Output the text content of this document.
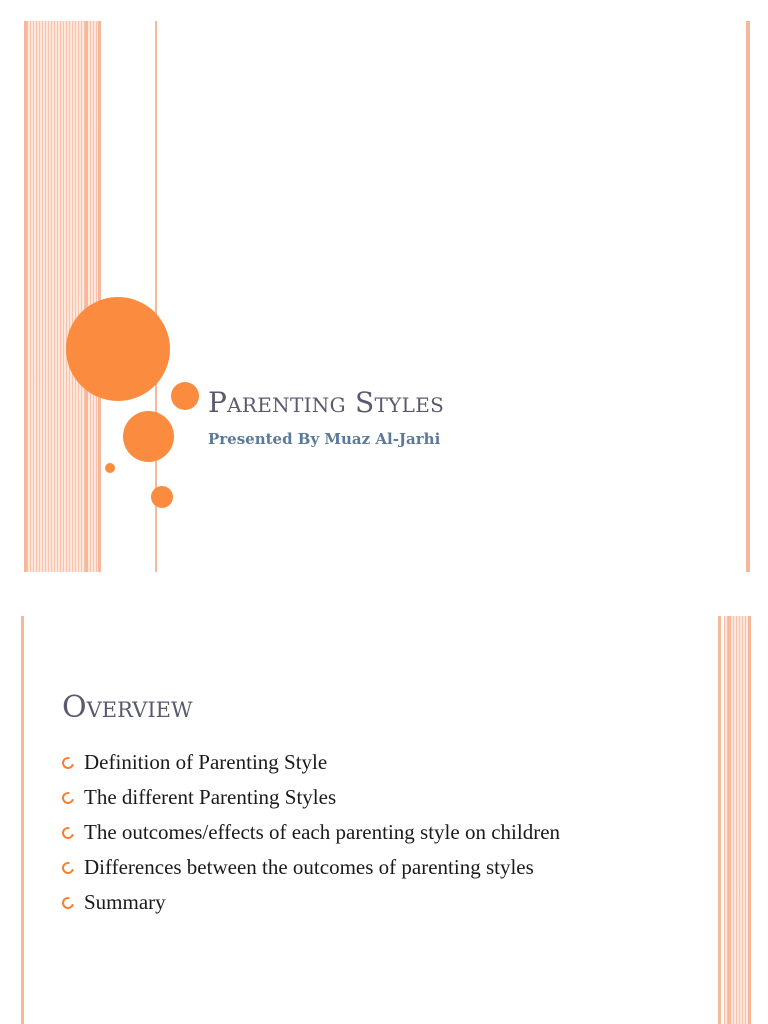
Parenting Styles
Presented By Muaz Al-Jarhi
Overview
Definition of Parenting Style
The different Parenting Styles
The outcomes/effects of each parenting style on children
Differences between the outcomes of parenting styles
Summary
